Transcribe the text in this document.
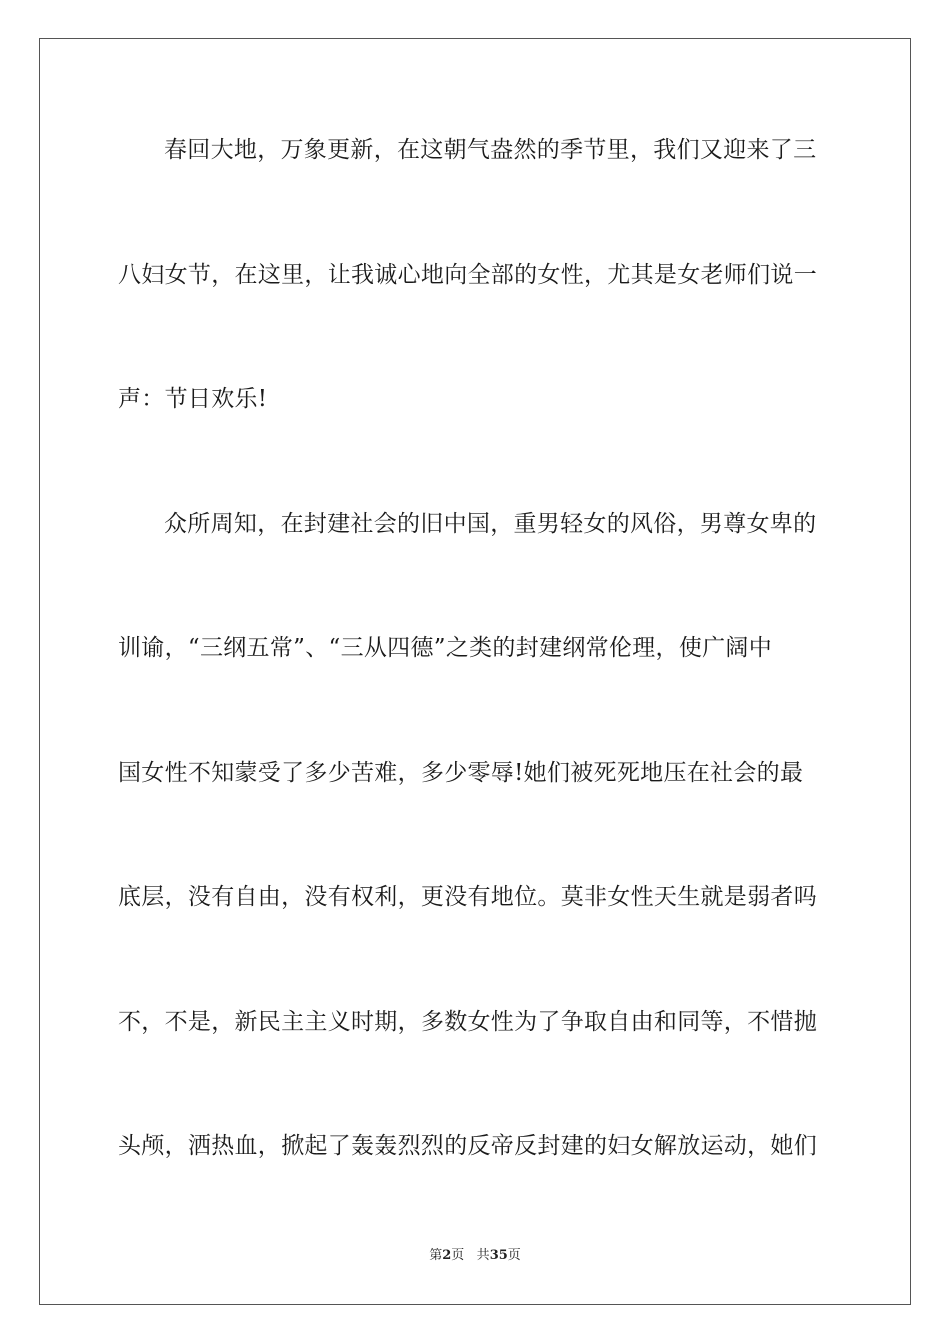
春回大地，万象更新，在这朝气盎然的季节里，我们又迎来了三

八妇女节，在这里，让我诚心地向全部的女性，尤其是女老师们说一

声：节日欢乐!

众所周知，在封建社会的旧中国，重男轻女的风俗，男尊女卑的

训谕，“三纲五常”、“三从四德”之类的封建纲常伦理，使广阔中

国女性不知蒙受了多少苦难，多少零辱!她们被死死地压在社会的最

底层，没有自由，没有权利，更没有地位。莫非女性天生就是弱者吗

不，不是，新民主主义时期，多数女性为了争取自由和同等，不惜抛

头颅，洒热血，掀起了轰轰烈烈的反帝反封建的妇女解放运动，她们

第2页 共35页
